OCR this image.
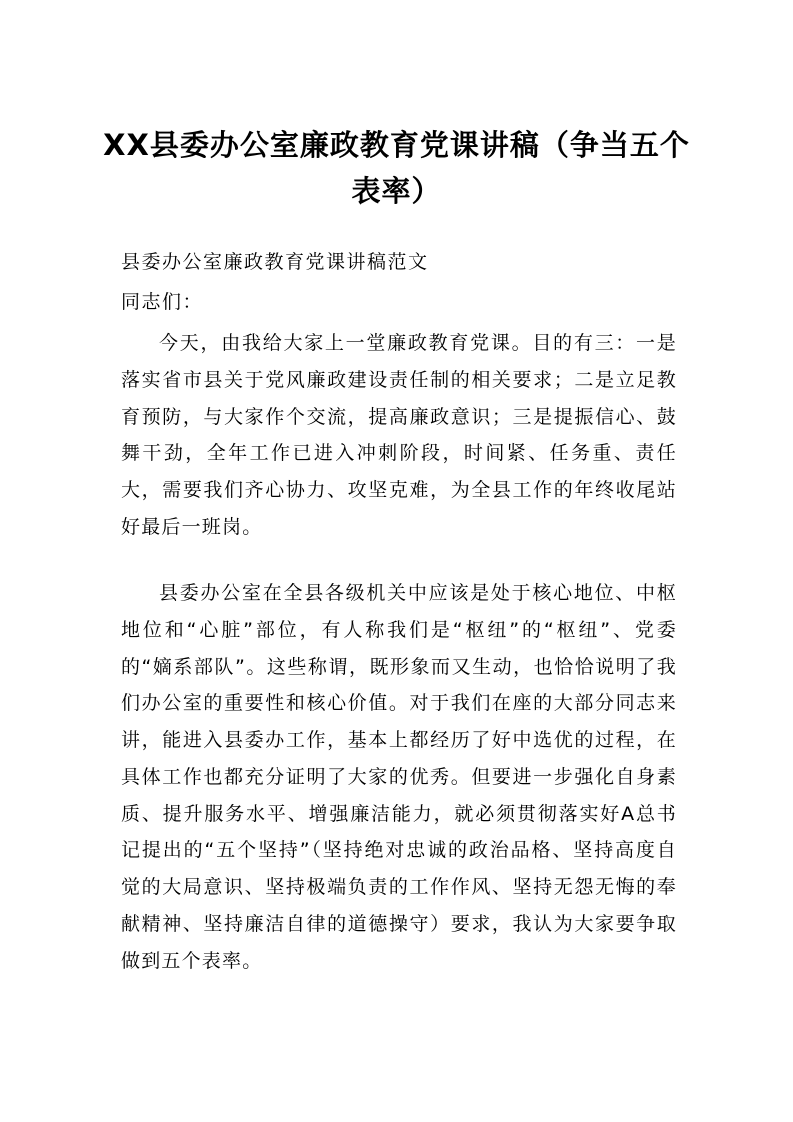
XX县委办公室廉政教育党课讲稿（争当五个表率）
县委办公室廉政教育党课讲稿范文
同志们：

今天，由我给大家上一堂廉政教育党课。目的有三：一是落实省市县关于党风廉政建设责任制的相关要求；二是立足教育预防，与大家作个交流，提高廉政意识；三是提振信心、鼓舞干劲，全年工作已进入冲刺阶段，时间紧、任务重、责任大，需要我们齐心协力、攻坚克难，为全县工作的年终收尾站好最后一班岗。

县委办公室在全县各级机关中应该是处于核心地位、中枢地位和“心脏”部位，有人称我们是“枢纽”的“枢纽”、党委的“嫡系部队”。这些称谓，既形象而又生动，也恰恰说明了我们办公室的重要性和核心价值。对于我们在座的大部分同志来讲，能进入县委办工作，基本上都经历了好中选优的过程，在具体工作也都充分证明了大家的优秀。但要进一步强化自身素质、提升服务水平、增强廉洁能力，就必须贯彻落实好A总书记提出的“五个坚持”（坚持绝对忠诚的政治品格、坚持高度自觉的大局意识、坚持极端负责的工作作风、坚持无怨无悔的奉献精神、坚持廉洁自律的道德操守）要求，我认为大家要争取做到五个表率。
